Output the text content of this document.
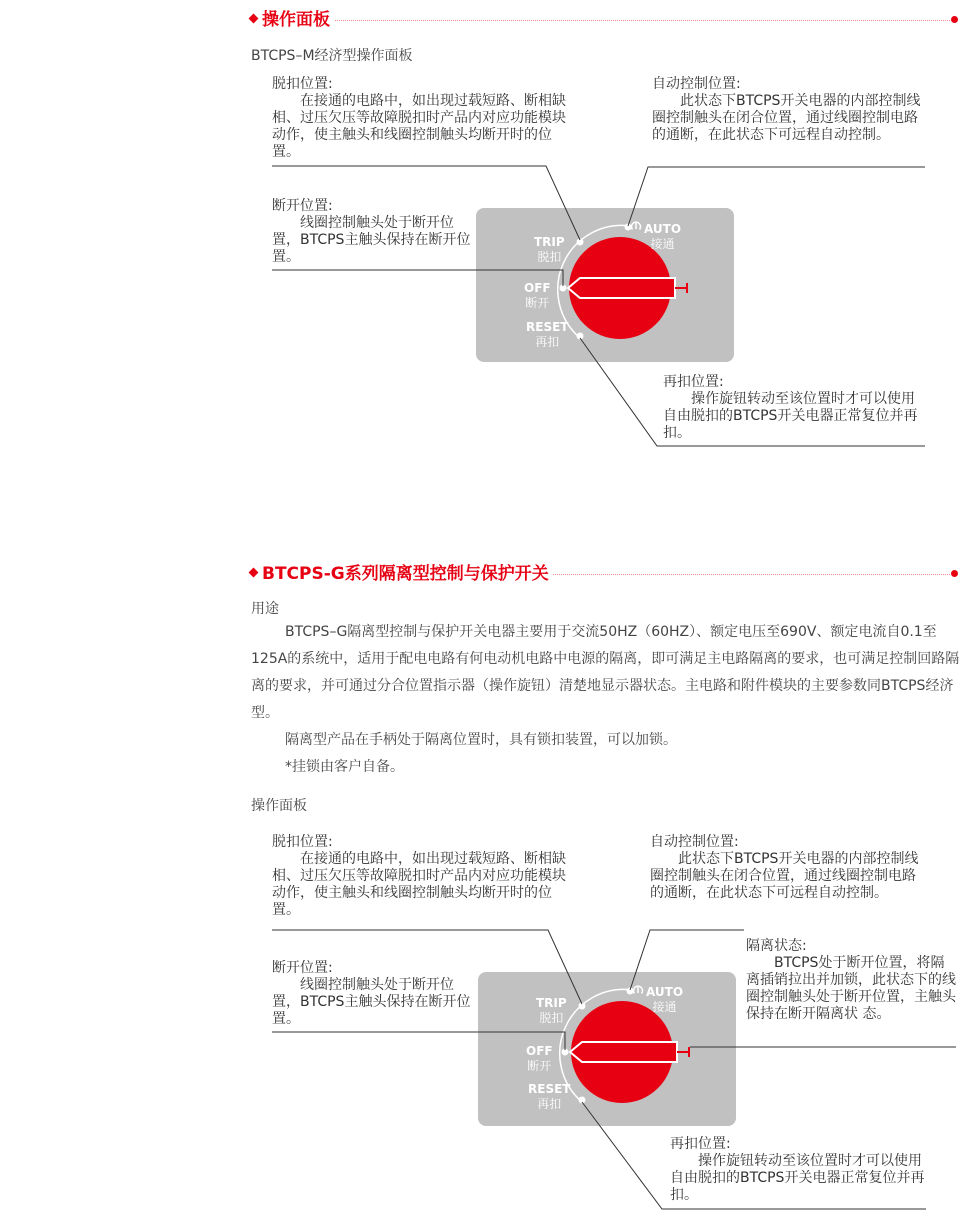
操作面板
BTCPS–M经济型操作面板
TRIP
脱扣
OFF
断开
RESET
再扣
AUTO
接通
脱扣位置:
在接通的电路中，如出现过载短路、断相缺相、过压欠压等故障脱扣时产品内对应功能模块动作，使主触头和线圈控制触头均断开时的位置。
断开位置:
线圈控制触头处于断开位置，BTCPS主触头保持在断开位置。
自动控制位置:
此状态下BTCPS开关电器的内部控制线圈控制触头在闭合位置，通过线圈控制电路的通断，在此状态下可远程自动控制。
再扣位置:
操作旋钮转动至该位置时才可以使用自由脱扣的BTCPS开关电器正常复位并再扣。
BTCPS-G系列隔离型控制与保护开关
用途
BTCPS–G隔离型控制与保护开关电器主要用于交流50HZ（60HZ）、额定电压至690V、额定电流自0.1至125A的系统中，适用于配电电路有何电动机电路中电源的隔离，即可满足主电路隔离的要求，也可满足控制回路隔离的要求，并可通过分合位置指示器（操作旋钮）清楚地显示器状态。主电路和附件模块的主要参数同BTCPS经济型。
隔离型产品在手柄处于隔离位置时，具有锁扣装置，可以加锁。
*挂锁由客户自备。
操作面板
TRIP
脱扣
OFF
断开
RESET
再扣
AUTO
接通
脱扣位置:
在接通的电路中，如出现过载短路、断相缺相、过压欠压等故障脱扣时产品内对应功能模块动作，使主触头和线圈控制触头均断开时的位置。
断开位置:
线圈控制触头处于断开位置，BTCPS主触头保持在断开位置。
自动控制位置:
此状态下BTCPS开关电器的内部控制线圈控制触头在闭合位置，通过线圈控制电路的通断，在此状态下可远程自动控制。
隔离状态:
BTCPS处于断开位置，将隔离插销拉出并加锁，此状态下的线圈控制触头处于断开位置，主触头保持在断开隔离状 态。
再扣位置:
操作旋钮转动至该位置时才可以使用自由脱扣的BTCPS开关电器正常复位并再扣。
